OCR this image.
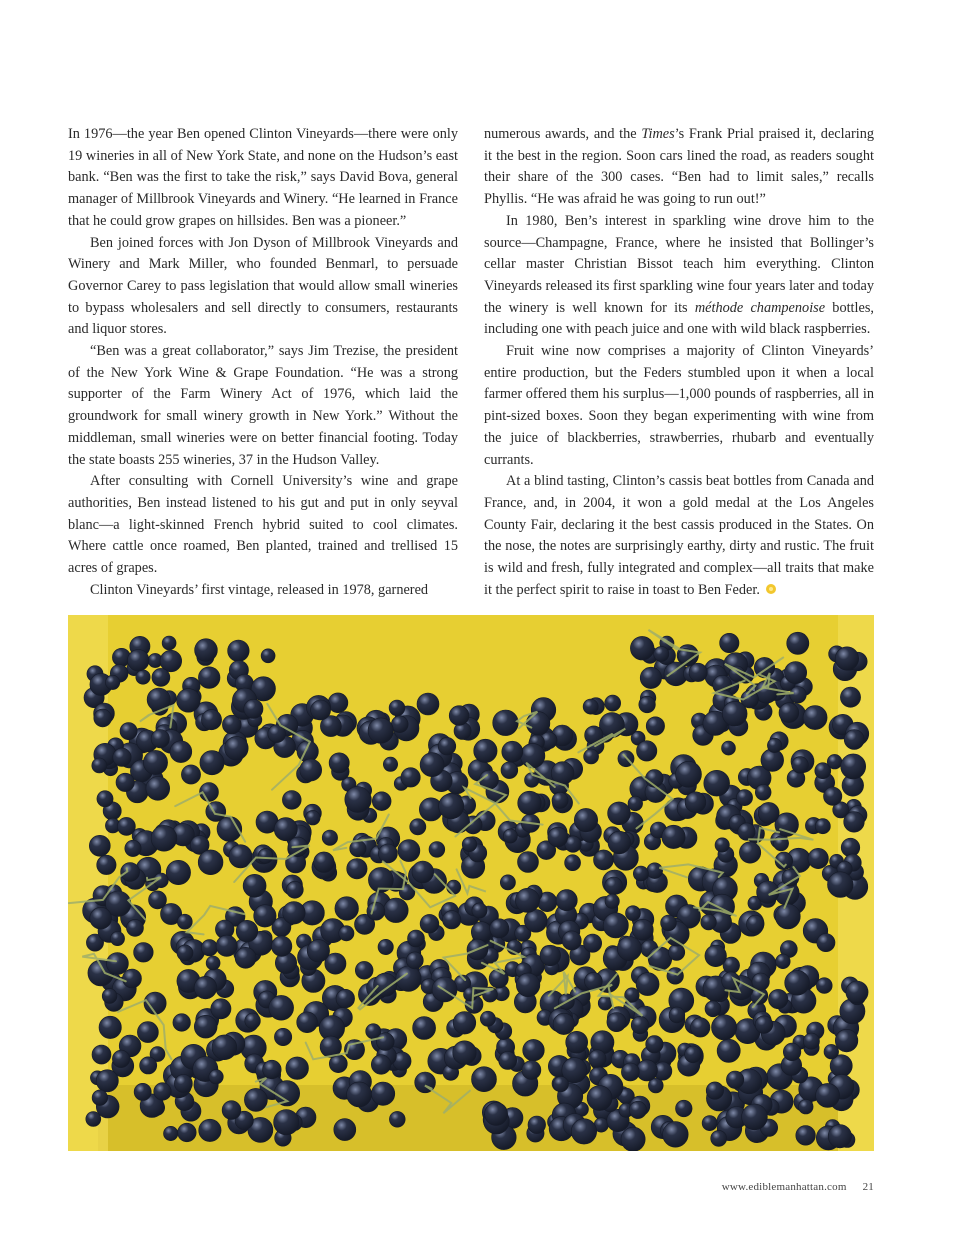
In 1976—the year Ben opened Clinton Vineyards—there were only 19 wineries in all of New York State, and none on the Hudson’s east bank. “Ben was the first to take the risk,” says David Bova, general manager of Millbrook Vineyards and Winery. “He learned in France that he could grow grapes on hillsides. Ben was a pioneer.”

Ben joined forces with Jon Dyson of Millbrook Vineyards and Winery and Mark Miller, who founded Benmarl, to persuade Governor Carey to pass legislation that would allow small wineries to bypass wholesalers and sell directly to consumers, restaurants and liquor stores.

“Ben was a great collaborator,” says Jim Trezise, the president of the New York Wine & Grape Foundation. “He was a strong supporter of the Farm Winery Act of 1976, which laid the groundwork for small winery growth in New York.” Without the middleman, small wineries were on better financial footing. Today the state boasts 255 wineries, 37 in the Hudson Valley.

After consulting with Cornell University’s wine and grape authorities, Ben instead listened to his gut and put in only seyval blanc—a light-skinned French hybrid suited to cool climates. Where cattle once roamed, Ben planted, trained and trellised 15 acres of grapes.

Clinton Vineyards’ first vintage, released in 1978, garnered

numerous awards, and the Times’s Frank Prial praised it, declaring it the best in the region. Soon cars lined the road, as readers sought their share of the 300 cases. “Ben had to limit sales,” recalls Phyllis. “He was afraid he was going to run out!”

In 1980, Ben’s interest in sparkling wine drove him to the source—Champagne, France, where he insisted that Bollinger’s cellar master Christian Bissot teach him everything. Clinton Vineyards released its first sparkling wine four years later and today the winery is well known for its méthode champenoise bottles, including one with peach juice and one with wild black raspberries.

Fruit wine now comprises a majority of Clinton Vineyards’ entire production, but the Feders stumbled upon it when a local farmer offered them his surplus—1,000 pounds of raspberries, all in pint-sized boxes. Soon they began experimenting with wine from the juice of blackberries, strawberries, rhubarb and eventually currants.

At a blind tasting, Clinton’s cassis beat bottles from Canada and France, and, in 2004, it won a gold medal at the Los Angeles County Fair, declaring it the best cassis produced in the States. On the nose, the notes are surprisingly earthy, dirty and rustic. The fruit is wild and fresh, fully integrated and complex—all traits that make it the perfect spirit to raise in toast to Ben Feder.

www.ediblemanhattan.com 21
